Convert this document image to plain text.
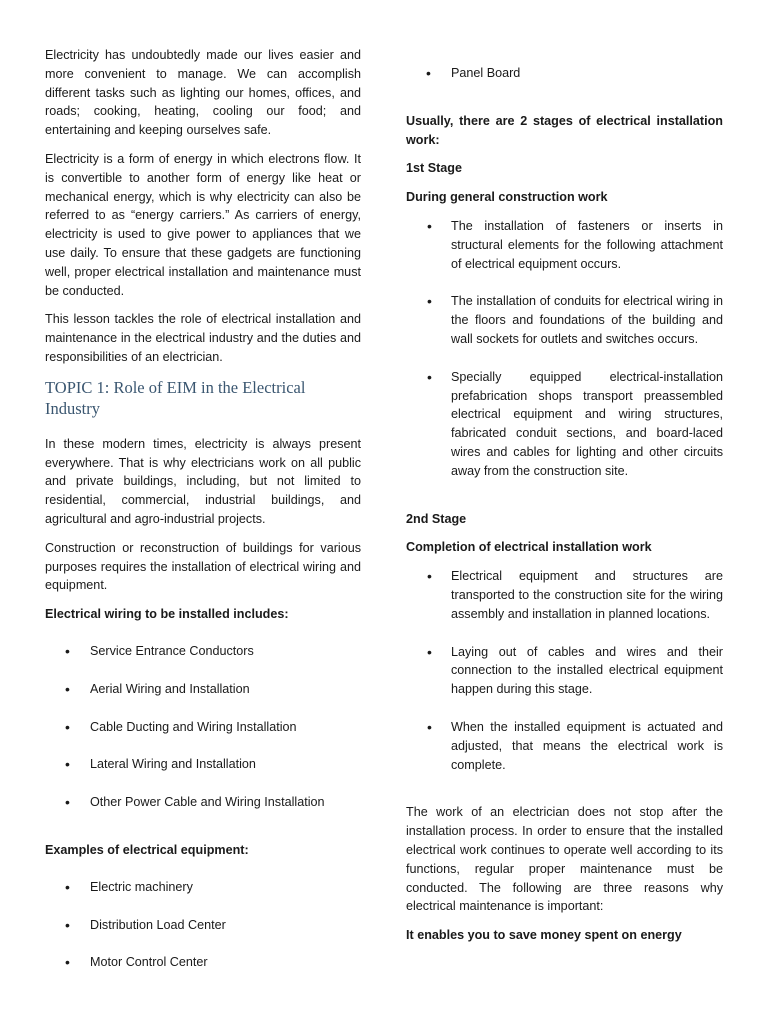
Electricity has undoubtedly made our lives easier and more convenient to manage. We can accomplish different tasks such as lighting our homes, offices, and roads; cooking, heating, cooling our food; and entertaining and keeping ourselves safe.

Electricity is a form of energy in which electrons flow. It is convertible to another form of energy like heat or mechanical energy, which is why electricity can also be referred to as “energy carriers.” As carriers of energy, electricity is used to give power to appliances that we use daily. To ensure that these gadgets are functioning well, proper electrical installation and maintenance must be conducted.

This lesson tackles the role of electrical installation and maintenance in the electrical industry and the duties and responsibilities of an electrician.

TOPIC 1: Role of EIM in the Electrical Industry

In these modern times, electricity is always present everywhere. That is why electricians work on all public and private buildings, including, but not limited to residential, commercial, industrial buildings, and agricultural and agro-industrial projects.

Construction or reconstruction of buildings for various purposes requires the installation of electrical wiring and equipment.

Electrical wiring to be installed includes:

• Service Entrance Conductors
• Aerial Wiring and Installation
• Cable Ducting and Wiring Installation
• Lateral Wiring and Installation
• Other Power Cable and Wiring Installation

Examples of electrical equipment:

• Electric machinery
• Distribution Load Center
• Motor Control Center
• Panel Board

Usually, there are 2 stages of electrical installation work:

1st Stage

During general construction work

• The installation of fasteners or inserts in structural elements for the following attachment of electrical equipment occurs.
• The installation of conduits for electrical wiring in the floors and foundations of the building and wall sockets for outlets and switches occurs.
• Specially equipped electrical-installation prefabrication shops transport preassembled electrical equipment and wiring structures, fabricated conduit sections, and board-laced wires and cables for lighting and other circuits away from the construction site.

2nd Stage

Completion of electrical installation work

• Electrical equipment and structures are transported to the construction site for the wiring assembly and installation in planned locations.
• Laying out of cables and wires and their connection to the installed electrical equipment happen during this stage.
• When the installed equipment is actuated and adjusted, that means the electrical work is complete.

The work of an electrician does not stop after the installation process. In order to ensure that the installed electrical work continues to operate well according to its functions, regular proper maintenance must be conducted. The following are three reasons why electrical maintenance is important:

It enables you to save money spent on energy
